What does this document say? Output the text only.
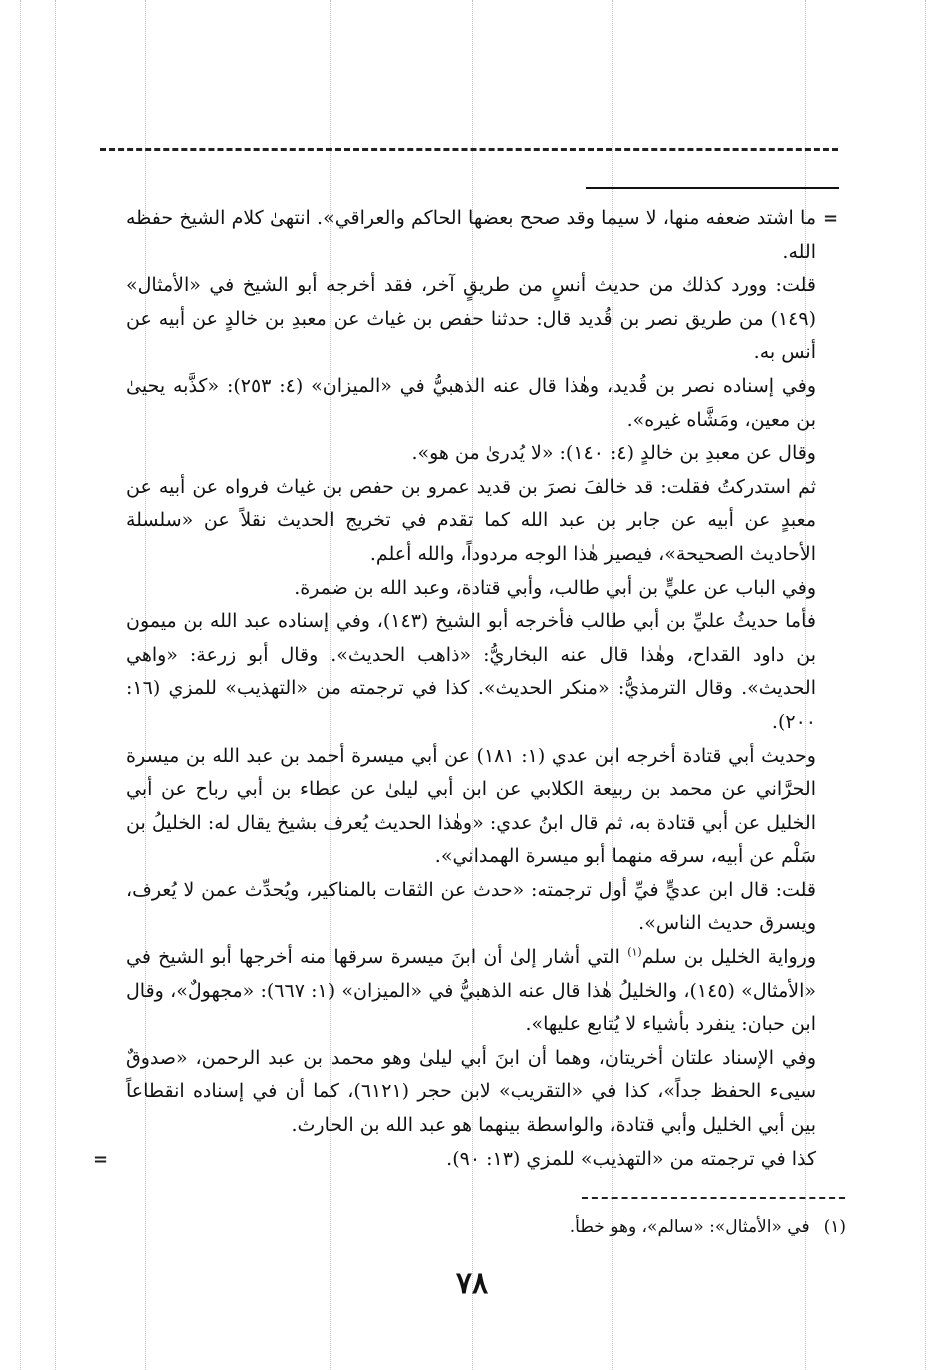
=

ما اشتد ضعفه منها، لا سيما وقد صحح بعضها الحاكم والعراقي». انتهىٰ كلام الشيخ حفظه الله.

قلت: وورد كذلك من حديث أنسٍ من طريقٍ آخر، فقد أخرجه أبو الشيخ في «الأمثال» (١٤٩) من طريق نصر بن قُديد قال: حدثنا حفص بن غياث عن معبدِ بن خالدٍ عن أبيه عن أنس به.

وفي إسناده نصر بن قُديد، وهٰذا قال عنه الذهبيُّ في «الميزان» (٤: ٢٥٣): «كذَّبه يحيىٰ بن معين، ومَشَّاه غيره».

وقال عن معبدِ بن خالدٍ (٤: ١٤٠): «لا يُدرىٰ من هو».

ثم استدركتُ فقلت: قد خالفَ نصرَ بن قديد عمرو بن حفص بن غياث فرواه عن أبيه عن معبدٍ عن أبيه عن جابر بن عبد الله كما تقدم في تخريج الحديث نقلاً عن «سلسلة الأحاديث الصحيحة»، فيصير هٰذا الوجه مردوداً، والله أعلم.

وفي الباب عن عليٍّ بن أبي طالب، وأبي قتادة، وعبد الله بن ضمرة.

فأما حديثُ عليِّ بن أبي طالب فأخرجه أبو الشيخ (١٤٣)، وفي إسناده عبد الله بن ميمون بن داود القداح، وهٰذا قال عنه البخاريُّ: «ذاهب الحديث». وقال أبو زرعة: «واهي الحديث». وقال الترمذيُّ: «منكر الحديث». كذا في ترجمته من «التهذيب» للمزي (١٦: ٢٠٠).

وحديث أبي قتادة أخرجه ابن عدي (١: ١٨١) عن أبي ميسرة أحمد بن عبد الله بن ميسرة الحرَّاني عن محمد بن ربيعة الكلابي عن ابن أبي ليلىٰ عن عطاء بن أبي رباح عن أبي الخليل عن أبي قتادة به، ثم قال ابنُ عدي: «وهٰذا الحديث يُعرف بشيخ يقال له: الخليلُ بن سَلْم عن أبيه، سرقه منهما أبو ميسرة الهمداني».

قلت: قال ابن عديٍّ فيِّ أول ترجمته: «حدث عن الثقات بالمناكير، ويُحدِّث عمن لا يُعرف، ويسرق حديث الناس».

ورواية الخليل بن سلم$^{(١)}$ التي أشار إلىٰ أن ابنَ ميسرة سرقها منه أخرجها أبو الشيخ في «الأمثال» (١٤٥)، والخليلُ هٰذا قال عنه الذهبيُّ في «الميزان» (١: ٦٦٧): «مجهولٌ»، وقال ابن حبان: ينفرد بأشياء لا يُتابع عليها».

وفي الإسناد علتان أخريتان، وهما أن ابنَ أبي ليلىٰ وهو محمد بن عبد الرحمن، «صدوقٌ سيىء الحفظ جداً»، كذا في «التقريب» لابن حجر (٦١٢١)، كما أن في إسناده انقطاعاً بين أبي الخليل وأبي قتادة، والواسطة بينهما هو عبد الله بن الحارث.

كذا في ترجمته من «التهذيب» للمزي (١٣: ٩٠).

=

(١)في «الأمثال»: «سالم»، وهو خطأ.

٧٨
